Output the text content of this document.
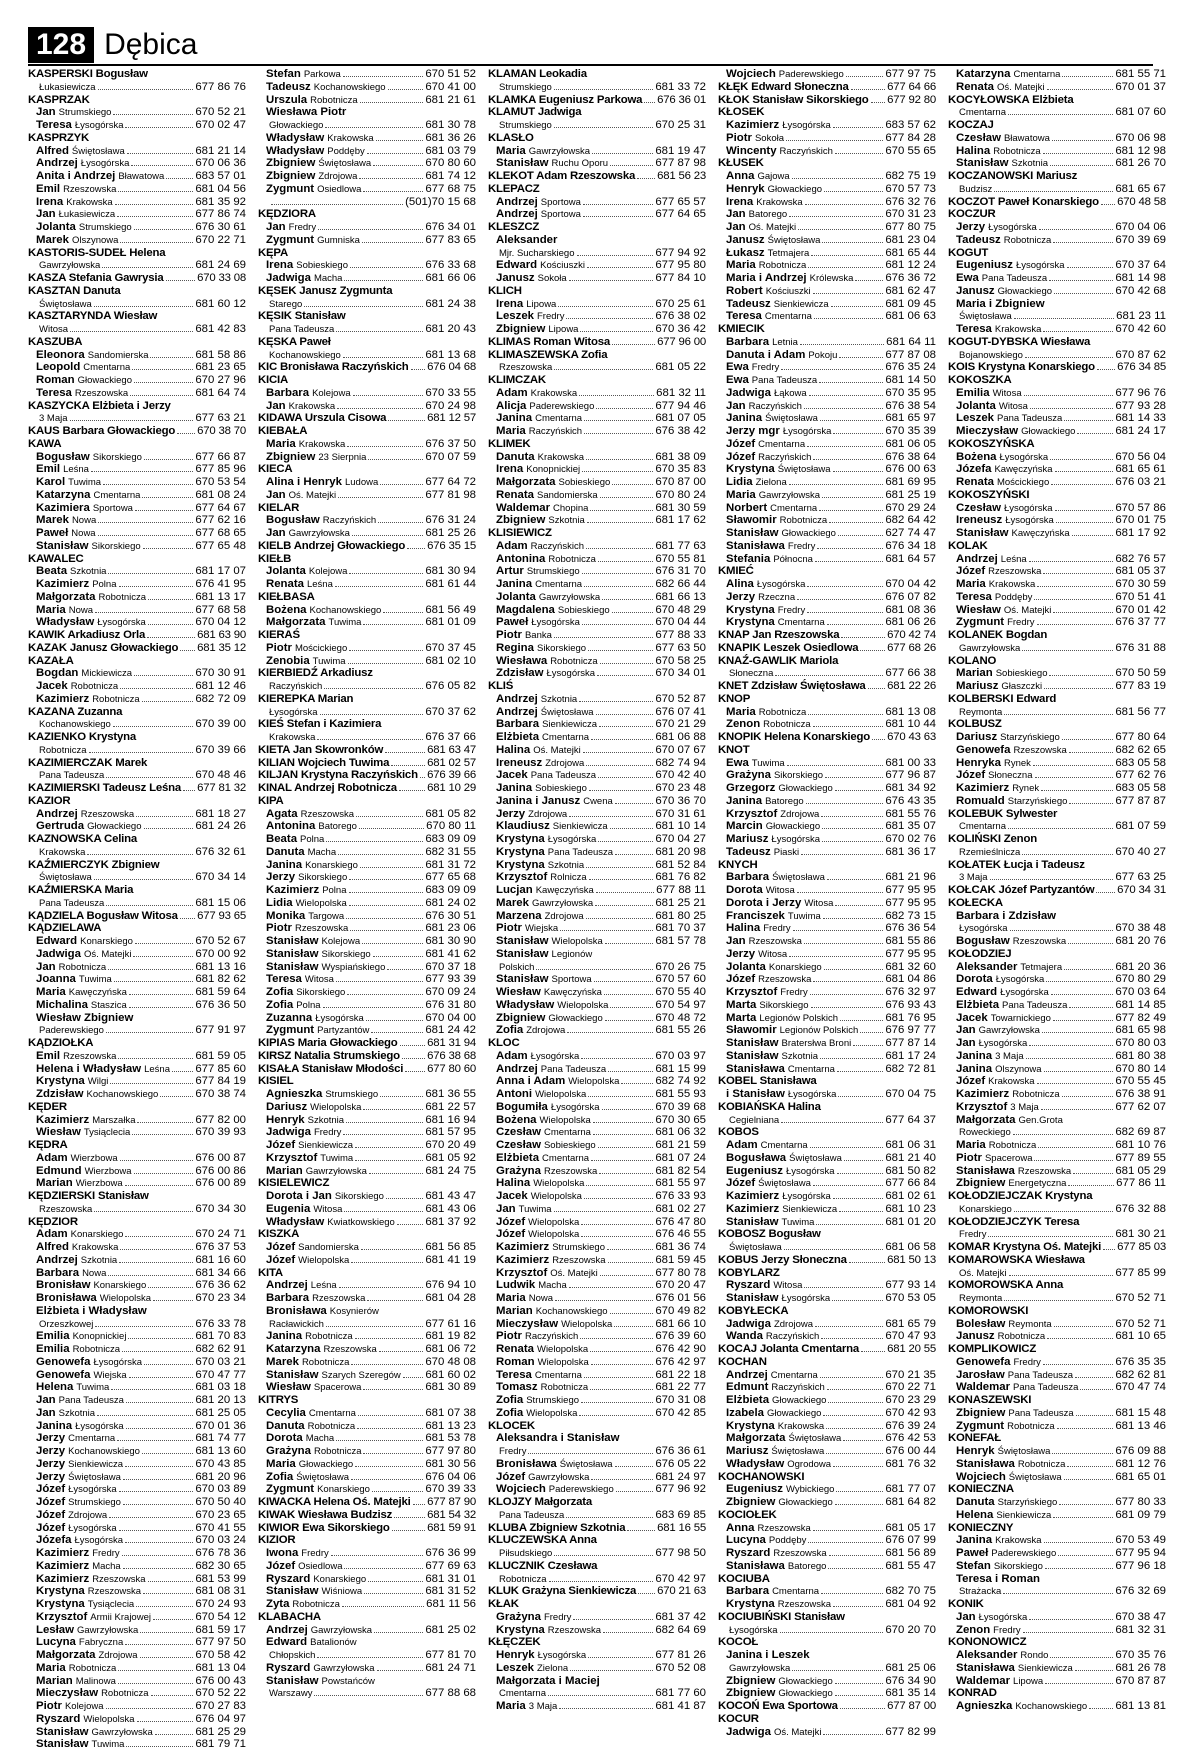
128 Dębica
KASPERSKI Bogusław
Łukasiewicza	677 86 76
KASPRZAK
Jan Strumskiego	670 52 21
Teresa Łysogórska	670 02 47
KASPRZYK
Alfred Świętosława	681 21 14
Andrzej Łysogórska	670 06 36
Anita i Andrzej Bławatowa	683 57 01
Emil Rzeszowska	681 04 56
Irena Krakowska	681 35 92
Jan Łukasiewicza	677 86 74
Jolanta Strumskiego	676 30 61
Marek Olszynowa	670 22 71
KASTORIS-SUDEŁ Helena
Gawrzyłowska	681 24 69
KASZA Stefania Gawrysia	670 33 08
KASZTAN Danuta
Świętosława	681 60 12
KASZTARYNDA Wiesław
Witosa	681 42 83
KASZUBA
Eleonora Sandomierska	681 58 86
Leopold Cmentarna	681 23 65
Roman Głowackiego	670 27 96
Teresa Rzeszowska	681 64 74
KASZYCKA Elżbieta i Jerzy
3 Maja	677 63 21
KAUS Barbara Głowackiego 670 38 70
KAWA
Bogusław Sikorskiego	677 66 87
Emil Leśna	677 85 96
Karol Tuwima	670 53 54
Katarzyna Cmentarna	681 08 24
Kazimiera Sportowa	677 64 67
Marek Nowa	677 62 16
Paweł Nowa	677 68 65
Stanisław Sikorskiego	677 65 48
KAWALEC
Beata Szkotnia	681 17 07
Kazimierz Polna	676 41 95
Małgorzata Robotnicza	681 13 17
Maria Nowa	677 68 58
Władysław Łysogórska	670 04 12
KAWIK Arkadiusz Orla	681 63 90
KAZAK Janusz Głowackiego 681 35 12
KAZAŁA
Bogdan Mickiewicza	670 30 91
Jacek Robotnicza	681 12 46
Kazimierz Robotnicza	682 72 09
KAZANA Zuzanna
Kochanowskiego	670 39 00
KAZIENKO Krystyna
Robotnicza	670 39 66
KAZIMIERCZAK Marek
Pana Tadeusza	670 48 46
KAZIMIERSKI Tadeusz Leśna 677 81 32
KAZIOR
Andrzej Rzeszowska	681 18 27
Gertruda Głowackiego	681 24 26
KAZNOWSKA Celina
Krakowska	676 32 61
KAŹMIERCZYK Zbigniew
Świętosława	670 34 14
KAŹMIERSKA Maria
Pana Tadeusza	681 15 06
KĄDZIELA Bogusław Witosa 677 93 65
KĄDZIELAWA
Edward Konarskiego	670 52 67
Jadwiga Oś. Matejki	670 00 92
Jan Robotnicza	681 13 16
Joanna Tuwima	681 82 62
Maria Kawęczyńska	681 59 64
Michalina Staszica	676 36 50
Wiesław Zbigniew
Paderewskiego	677 91 97
KĄDZIOŁKA
Emil Rzeszowska	681 59 05
Helena i Władysław Leśna 677 85 60
Krystyna Wilgi	677 84 19
Zdzisław Kochanowskiego	670 38 74
KĘDER
Kazimierz Marszałka	677 82 00
Wiesław Tysiąclecia	670 39 93
KĘDRA
Adam Wierzbowa	676 00 87
Edmund Wierzbowa	676 00 86
Marian Wierzbowa	676 00 89
KĘDZIERSKI Stanisław
Rzeszowska	670 34 30
KĘDZIOR
Adam Konarskiego	670 24 71
Alfred Krakowska	676 37 53
Andrzej Szkotnia	681 16 60
Barbara Nowa	681 34 66
Bronisław Konarskiego	676 36 62
Bronisława Wielopolska	670 23 34
Elżbieta i Władysław
Orzeszkowej	676 33 78
Emilia Konopnickiej	681 70 83
Emilia Robotnicza	682 62 91
Genowefa Łysogórska	670 03 21
Genowefa Wiejska	670 47 77
Helena Tuwima	681 03 18
Jan Pana Tadeusza	681 20 13
Jan Szkotnia	681 25 05
Janina Łysogórska	670 01 36
Jerzy Cmentarna	681 74 77
Jerzy Kochanowskiego	681 13 60
Jerzy Sienkiewicza	670 43 85
Jerzy Świętosława	681 20 96
Józef Łysogórska	670 03 89
Józef Strumskiego	670 50 40
Józef Zdrojowa	670 23 65
Józef Łysogórska	670 41 55
Józefa Łysogórska	670 03 24
Kazimierz Fredry	676 78 36
Kazimierz Macha	682 30 65
Kazimierz Rzeszowska	681 53 99
Krystyna Rzeszowska	681 08 31
Krystyna Tysiąclecia	670 24 93
Krzysztof Armii Krajowej	670 54 12
Lesław Gawrzyłowska	681 59 17
Lucyna Fabryczna	677 97 50
Małgorzata Zdrojowa	670 58 42
Maria Robotnicza	681 13 04
Marian Malinowa	676 00 43
Mieczysław Robotnicza	670 52 22
Piotr Kolejowa	670 27 83
Ryszard Wielopolska	676 04 97
Stanisław Gawrzyłowska	681 25 29
Stanisław Tuwima	681 79 71
Stefan Parkowa	670 51 52
Tadeusz Kochanowskiego	670 41 00
Urszula Robotnicza	681 21 61
Wiesława Piotr
Głowackiego	681 30 78
Władysław Krakowska	681 36 26
Władysław Poddęby	681 03 79
Zbigniew Świętosława	670 80 60
Zbigniew Zdrojowa	681 74 12
Zygmunt Osiedlowa	677 68 75
(501)70 15 68
KĘDZIORA
Jan Fredry	676 34 01
Zygmunt Gumniska	677 83 65
KĘPA
Irena Sobieskiego	676 33 68
Jadwiga Macha	681 66 06
KĘSEK Janusz Zygmunta
Starego	681 24 38
KĘSIK Stanisław
Pana Tadeusza	681 20 43
KĘSKA Paweł
Kochanowskiego	681 13 68
KIC Bronisława Raczyńskich 676 04 68
KICIA
Barbara Kolejowa	670 33 55
Jan Krakowska	670 24 98
KIDAWA Urszula Cisowa	681 12 57
KIEBAŁA
Maria Krakowska	676 37 50
Zbigniew 23 Sierpnia	670 07 59
KIECA
Alina i Henryk Ludowa	677 64 72
Jan Oś. Matejki	677 81 98
KIELAR
Bogusław Raczyńskich	676 31 24
Jan Gawrzyłowska	681 25 26
KIELB Andrzej Głowackiego 676 35 15
KIEŁB
Jolanta Kolejowa	681 30 94
Renata Leśna	681 61 44
KIEŁBASA
Bożena Kochanowskiego	681 56 49
Małgorzata Tuwima	681 01 09
KIERAŚ
Piotr Mościckiego	670 37 45
Zenobia Tuwima	681 02 10
KIERBIEDŹ Arkadiusz
Raczyńskich	676 05 82
KIEREPKA Marian
Łysogórska	670 37 62
KIEŚ Stefan i Kazimiera
Krakowska	676 37 66
KIETA Jan Skowronków	681 63 47
KILIAN Wojciech Tuwima	681 02 57
KILJAN Krystyna Raczyńskich 676 39 66
KINAL Andrzej Robotnicza	681 10 29
KIPA
Agata Rzeszowska	681 05 82
Antonina Batorego	670 80 11
Beata Polna	683 09 09
Danuta Macha	682 31 55
Janina Konarskiego	681 31 72
Jerzy Sikorskiego	677 65 68
Kazimierz Polna	683 09 09
Lidia Wielopolska	681 24 02
Monika Targowa	676 30 51
Piotr Rzeszowska	681 23 06
Stanisław Kolejowa	681 30 90
Stanisław Sikorskiego	681 41 62
Stanisław Wyspiańskiego	670 37 18
Teresa Witosa	677 93 39
Zofia Sikorskiego	670 09 24
Zofia Polna	676 31 80
Zuzanna Łysogórska	670 04 00
Zygmunt Partyzantów	681 24 42
KIPIAS Maria Głowackiego	681 31 94
KIRSZ Natalia Strumskiego 676 38 68
KISAŁA Stanisław Młodości 677 80 60
KISIEL
Agnieszka Strumskiego	681 36 55
Dariusz Wielopolska	681 22 57
Henryk Szkotnia	681 16 94
Jadwiga Fredry	681 57 95
Józef Sienkiewicza	670 20 49
Krzysztof Tuwima	681 05 92
Marian Gawrzyłowska	681 24 75
KISIELEWICZ
Dorota i Jan Sikorskiego	681 43 47
Eugenia Witosa	681 43 06
Władysław Kwiatkowskiego	681 37 92
KISZKA
Józef Sandomierska	681 56 85
Józef Wielopolska	681 41 19
KITA
Andrzej Leśna	676 94 10
Barbara Rzeszowska	681 04 28
Bronisława Kosynierów
Racławickich	677 61 16
Janina Robotnicza	681 19 82
Katarzyna Rzeszowska	681 06 72
Marek Robotnicza	670 48 08
Stanisław Szarych Szeregów 681 60 02
Wiesław Spacerowa	681 30 89
KITRYS
Cecylia Cmentarna	681 07 38
Danuta Robotnicza	681 13 23
Dorota Macha	681 53 78
Grażyna Robotnicza	677 97 80
Maria Głowackiego	681 30 56
Zofia Świętosława	676 04 06
Zygmunt Konarskiego	670 39 33
KIWACKA Helena Oś. Matejki 677 87 90
KIWAK Wiesława Budzisz	681 54 32
KIWIOR Ewa Sikorskiego	681 59 91
KIZIOR
Iwona Fredry	676 36 99
Józef Osiedlowa	677 69 63
Ryszard Konarskiego	681 31 01
Stanisław Wiśniowa	681 31 52
Zyta Robotnicza	681 11 56
KLABACHA
Andrzej Gawrzyłowska	681 25 02
Edward Batalionów
Chłopskich	677 81 70
Ryszard Gawrzyłowska	681 24 71
Stanisław Powstańców
Warszawy	677 88 68
KLAMAN Leokadia
Strumskiego	681 33 72
KLAMKA Eugeniusz Parkowa 676 36 01
KLAMUT Jadwiga
Strumskiego	670 25 31
KLASŁO
Maria Gawrzyłowska	681 19 47
Stanisław Ruchu Oporu	677 87 98
KLEKOT Adam Rzeszowska 681 56 23
KLEPACZ
Andrzej Sportowa	677 65 57
Andrzej Sportowa	677 64 65
KLESZCZ
Aleksander
Mjr. Sucharskiego	677 94 92
Edward Kościuszki	677 95 80
Janusz Sokoła	677 84 10
KLICH
Irena Lipowa	670 25 61
Leszek Fredry	676 38 02
Zbigniew Lipowa	670 36 42
KLIMAS Roman Witosa	677 96 00
KLIMASZEWSKA Zofia
Rzeszowska	681 05 22
KLIMCZAK
Adam Krakowska	681 32 11
Alicja Paderewskiego	677 94 46
Janina Cmentarna	681 07 05
Maria Raczyńskich	676 38 42
KLIMEK
Danuta Krakowska	681 38 09
Irena Konopnickiej	670 35 83
Małgorzata Sobieskiego	670 87 00
Renata Sandomierska	670 80 24
Waldemar Chopina	681 30 59
Zbigniew Szkotnia	681 17 62
KLISIEWICZ
Adam Raczyńskich	681 77 63
Antonina Robotnicza	670 55 81
Artur Strumskiego	676 31 70
Janina Cmentarna	682 66 44
Jolanta Gawrzyłowska	681 66 13
Magdalena Sobieskiego	670 48 29
Paweł Łysogórska	670 04 44
Piotr Banka	677 88 33
Regina Sikorskiego	677 63 50
Wiesława Robotnicza	670 58 25
Zdzisław Łysogórska	670 34 01
KLIŚ
Andrzej Szkotnia	670 52 87
Andrzej Świętosława	676 07 41
Barbara Sienkiewicza	670 21 29
Elżbieta Cmentarna	681 06 88
Halina Oś. Matejki	670 07 67
Ireneusz Zdrojowa	682 74 94
Jacek Pana Tadeusza	670 42 40
Janina Sobieskiego	670 23 48
Janina i Janusz Cwena	670 36 70
Jerzy Zdrojowa	670 31 61
Klaudiusz Sienkiewicza	681 10 14
Krystyna Łysogórska	670 04 27
Krystyna Pana Tadeusza	681 20 98
Krystyna Szkotnia	681 52 84
Krzysztof Rolnicza	681 76 82
Lucjan Kawęczyńska	677 88 11
Marek Gawrzyłowska	681 25 21
Marzena Zdrojowa	681 80 25
Piotr Wiejska	681 70 37
Stanisław Wielopolska	681 57 78
Stanisław Legionów
Polskich	670 26 75
Stanisław Sportowa	670 57 60
Wiesław Kawęczyńska	670 55 40
Władysław Wielopolska	670 54 97
Zbigniew Głowackiego	670 48 72
Zofia Zdrojowa	681 55 26
KLOC
Adam Łysogórska	670 03 97
Andrzej Pana Tadeusza	681 15 99
Anna i Adam Wielopolska	682 74 92
Antoni Wielopolska	681 55 93
Bogumiła Łysogórska	670 39 68
Bożena Wielopolska	670 30 65
Czesław Cmentarna	681 06 32
Czesław Sobieskiego	681 21 59
Elżbieta Cmentarna	681 07 24
Grażyna Rzeszowska	681 82 54
Halina Wielopolska	681 55 97
Jacek Wielopolska	676 33 93
Jan Tuwima	681 02 27
Józef Wielopolska	676 47 80
Józef Wielopolska	676 46 55
Kazimierz Strumskiego	681 36 74
Kazimierz Rzeszowska	681 59 45
Krzysztof Oś. Matejki	677 80 78
Ludwik Macha	670 20 47
Maria Nowa	676 01 56
Marian Kochanowskiego	670 49 82
Mieczysław Wielopolska	681 66 10
Piotr Raczyńskich	676 39 60
Renata Wielopolska	676 42 90
Roman Wielopolska	676 42 97
Teresa Cmentarna	681 22 18
Tomasz Robotnicza	681 22 77
Zofia Strumskiego	670 31 08
Zofia Wielopolska	670 42 85
KLOCEK
Aleksandra i Stanisław
Fredry	676 36 61
Bronisława Świętosława	676 05 22
Józef Gawrzyłowska	681 24 97
Wojciech Paderewskiego	677 96 92
KLOJZY Małgorzata
Pana Tadeusza	683 69 85
KLUBA Zbigniew Szkotnia	681 16 55
KLUCZEWSKA Anna
Piłsudskiego	677 98 50
KLUCZNIK Czesława
Robotnicza	670 42 97
KLUK Grażyna Sienkiewicza 670 21 63
KŁAK
Grażyna Fredry	681 37 42
Krystyna Rzeszowska	682 64 69
KŁĘCZEK
Henryk Łysogórska	677 81 26
Leszek Zielona	670 52 08
Małgorzata i Maciej
Cmentarna	681 77 60
Maria 3 Maja	681 41 87
Wojciech Paderewskiego	677 97 75
KŁĘK Edward Słoneczna	677 64 66
KŁOK Stanisław Sikorskiego 677 92 80
KŁOSEK
Kazimierz Łysogórska	683 57 62
Piotr Sokoła	677 84 28
Wincenty Raczyńskich	670 55 65
KŁUSEK
Anna Gajowa	682 75 19
Henryk Głowackiego	670 57 73
Irena Krakowska	676 32 76
Jan Batorego	670 31 23
Jan Oś. Matejki	677 80 75
Janusz Świętosława	681 23 04
Łukasz Tetmajera	681 65 44
Maria Robotnicza	681 12 24
Maria i Andrzej Królewska	676 36 72
Robert Kościuszki	681 62 47
Tadeusz Sienkiewicza	681 09 45
Teresa Cmentarna	681 06 63
KMIECIK
Barbara Letnia	681 64 11
Danuta i Adam Pokoju	677 87 08
Ewa Fredry	676 35 24
Ewa Pana Tadeusza	681 14 50
Jadwiga Łąkowa	670 35 95
Jan Raczyńskich	676 38 54
Janina Świętosława	681 65 97
Jerzy mgr Łysogórska	670 35 39
Józef Cmentarna	681 06 05
Józef Raczyńskich	676 38 64
Krystyna Świętosława	676 00 63
Lidia Zielona	681 69 95
Maria Gawrzyłowska	681 25 19
Norbert Cmentarna	670 29 24
Sławomir Robotnicza	682 64 42
Stanisław Głowackiego	627 74 47
Stanisława Fredry	676 34 18
Stefania Północna	681 64 57
KMIEĆ
Alina Łysogórska	670 04 42
Jerzy Rzeczna	676 07 82
Krystyna Fredry	681 08 36
Krystyna Cmentarna	681 06 26
KNAP Jan Rzeszowska	670 42 74
KNAPIK Leszek Osiedlowa	677 68 26
KNAŹ-GAWLIK Mariola
Słoneczna	677 66 38
KNET Zdzisław Świętosława 681 22 26
KNOP
Maria Robotnicza	681 13 08
Zenon Robotnicza	681 10 44
KNOPIK Helena Konarskiego 670 43 63
KNOT
Ewa Tuwima	681 00 33
Grażyna Sikorskiego	677 96 87
Grzegorz Głowackiego	681 34 92
Janina Batorego	676 43 35
Krzysztof Zdrojowa	681 55 76
Marcin Głowackiego	681 35 07
Mariusz Łysogórska	670 02 76
Tadeusz Piaski	681 36 17
KNYCH
Barbara Świętosława	681 21 96
Dorota Witosa	677 95 95
Dorota i Jerzy Witosa	677 95 95
Franciszek Tuwima	682 73 15
Halina Fredry	676 36 54
Jan Rzeszowska	681 55 86
Jerzy Witosa	677 95 95
Jolanta Konarskiego	681 32 60
Józef Rzeszowska	681 04 86
Krzysztof Fredry	676 32 97
Marta Sikorskiego	676 93 43
Marta Legionów Polskich	681 76 95
Sławomir Legionów Polskich 676 97 77
Stanisław Bratersłwa Broni	677 87 14
Stanisław Szkotnia	681 17 24
Stanisława Cmentarna	682 72 81
KOBEL Stanisława
i Stanisław Łysogórska	670 04 75
KOBIAŃSKA Halina
Cegielniana	677 64 37
KOBOS
Adam Cmentarna	681 06 31
Bogusława Świętosława	681 21 40
Eugeniusz Łysogórska	681 50 82
Józef Świętosława	677 66 84
Kazimierz Łysogórska	681 02 61
Kazimierz Sienkiewicza	681 10 23
Stanisław Tuwima	681 01 20
KOBOSZ Bogusław
Świętosława	681 06 58
KOBUS Jerzy Słoneczna	681 50 13
KOBYLARZ
Ryszard Witosa	677 93 14
Stanisław Łysogórska	670 53 05
KOBYŁECKA
Jadwiga Zdrojowa	681 65 79
Wanda Raczyńskich	670 47 93
KOCAJ Jolanta Cmentarna 681 20 55
KOCHAN
Andrzej Cmentarna	670 21 35
Edmunt Raczyńskich	670 22 71
Elżbieta Głowackiego	670 23 29
Izabela Głowackiego	670 42 93
Krystyna Krakowska	676 39 24
Małgorzata Świętosława	676 42 53
Mariusz Świętosława	676 00 44
Władysław Ogrodowa	681 76 32
KOCHANOWSKI
Eugeniusz Wybickiego	681 77 07
Zbigniew Głowackiego	681 64 82
KOCIOŁEK
Anna Rzeszowska	681 05 17
Lucyna Poddęby	676 07 99
Ryszard Rzeszowska	681 56 89
Stanisława Batorego	681 55 47
KOCIUBA
Barbara Cmentarna	682 70 75
Krystyna Rzeszowska	681 04 92
KOCIUBIŃSKI Stanisław
Łysogórska	670 20 70
KOCOŁ
Janina i Leszek
Gawrzyłowska	681 25 06
Zbigniew Głowackiego	676 34 90
Zbigniew Głowackiego	681 35 14
KOCOŃ Ewa Sportowa	677 87 00
KOCUR
Jadwiga Oś. Matejki	677 82 99
Katarzyna Cmentarna	681 55 71
Renata Oś. Matejki	670 01 37
KOCYŁOWSKA Elżbieta
Cmentarna	681 07 60
KOCZAJ
Czesław Bławatowa	670 06 98
Halina Robotnicza	681 12 98
Stanisław Szkotnia	681 26 70
KOCZANOWSKI Mariusz
Budzisz	681 65 67
KOCZOT Paweł Konarskiego 670 48 58
KOCZUR
Jerzy Łysogórska	670 04 06
Tadeusz Robotnicza	670 39 69
KOGUT
Eugeniusz Łysogórska	670 37 64
Ewa Pana Tadeusza	681 14 98
Janusz Głowackiego	670 42 68
Maria i Zbigniew
Świętosława	681 23 11
Teresa Krakowska	670 42 60
KOGUT-DYBSKA Wiesława
Bojanowskiego	670 87 62
KOIS Krystyna Konarskiego 676 34 85
KOKOSZKA
Emilia Witosa	677 96 76
Jolanta Witosa	677 93 28
Leszek Pana Tadeusza	681 14 33
Mieczysław Głowackiego	681 24 17
KOKOSZYŃSKA
Bożena Łysogórska	670 56 04
Józefa Kawęczyńska	681 65 61
Renata Mościckiego	676 03 21
KOKOSZYŃSKI
Czesław Łysogórska	670 57 86
Ireneusz Łysogórska	670 01 75
Stanisław Kawęczyńska	681 17 92
KOLAK
Andrzej Leśna	682 76 57
Józef Rzeszowska	681 05 37
Maria Krakowska	670 30 59
Teresa Poddęby	670 51 41
Wiesław Oś. Matejki	670 01 42
Zygmunt Fredry	676 37 77
KOLANEK Bogdan
Gawrzyłowska	676 31 88
KOLANO
Marian Sobieskiego	670 50 59
Mariusz Głaszczki	677 83 19
KOLBERSKI Edward
Reymonta	681 56 77
KOLBUSZ
Dariusz Starzyńskiego	677 80 64
Genowefa Rzeszowska	682 62 65
Henryka Rynek	683 05 58
Józef Słoneczna	677 62 76
Kazimierz Rynek	683 05 58
Romuald Starzyńskiego	677 87 87
KOLEBUK Sylwester
Cmentarna	681 07 59
KOLIŃSKI Zenon
Rzemieślnicza	670 40 27
KOŁATEK Łucja i Tadeusz
3 Maja	677 63 25
KOŁCAK Józef Partyzantów 670 34 31
KOŁECKA
Barbara i Zdzisław
Łysogórska	670 38 48
Bogusław Rzeszowska	681 20 76
KOŁODZIEJ
Aleksander Tetmajera	681 20 36
Dorota Łysogórska	670 80 29
Edward Łysogórska	670 03 64
Elżbieta Pana Tadeusza	681 14 85
Jacek Towarnickiego	677 82 49
Jan Gawrzyłowska	681 65 98
Jan Łysogórska	670 80 03
Janina 3 Maja	681 80 38
Janina Olszynowa	670 80 14
Józef Krakowska	670 55 45
Kazimierz Robotnicza	676 38 91
Krzysztof 3 Maja	677 62 07
Małgorzata Gen.Grota
Roweckiego	682 69 87
Maria Robotnicza	681 10 76
Piotr Spacerowa	677 89 55
Stanisława Rzeszowska	681 05 29
Zbigniew Energetyczna	677 86 11
KOŁODZIEJCZAK Krystyna
Konarskiego	676 32 88
KOŁODZIEJCZYK Teresa
Fredry	681 30 21
KOMAR Krystyna Oś. Matejki 677 85 03
KOMAROWSKA Wiesława
Oś. Matejki	677 85 99
KOMOROWSKA Anna
Reymonta	670 52 71
KOMOROWSKI
Bolesław Reymonta	670 52 71
Janusz Robotnicza	681 10 65
KOMPLIKOWICZ
Genowefa Fredry	676 35 35
Jarosław Pana Tadeusza	682 62 81
Waldemar Pana Tadeusza	670 47 74
KONASZEWSKI
Zbigniew Pana Tadeusza	681 15 48
Zygmunt Robotnicza	681 13 46
KONEFAŁ
Henryk Świętosława	676 09 88
Stanisława Robotnicza	681 12 76
Wojciech Świętosława	681 65 01
KONIECZNA
Danuta Starzyńskiego	677 80 33
Helena Sienkiewicza	681 09 79
KONIECZNY
Janina Krakowska	670 53 49
Paweł Paderewskiego	677 95 94
Stefan Sikorskiego	677 96 18
Teresa i Roman
Strażacka	676 32 69
KONIK
Jan Łysogórska	670 38 47
Zenon Fredry	681 32 31
KONONOWICZ
Aleksander Rondo	670 35 76
Stanisława Sienkiewicza	681 26 78
Waldemar Lipowa	670 87 87
KONRAD
Agnieszka Kochanowskiego 681 13 81
